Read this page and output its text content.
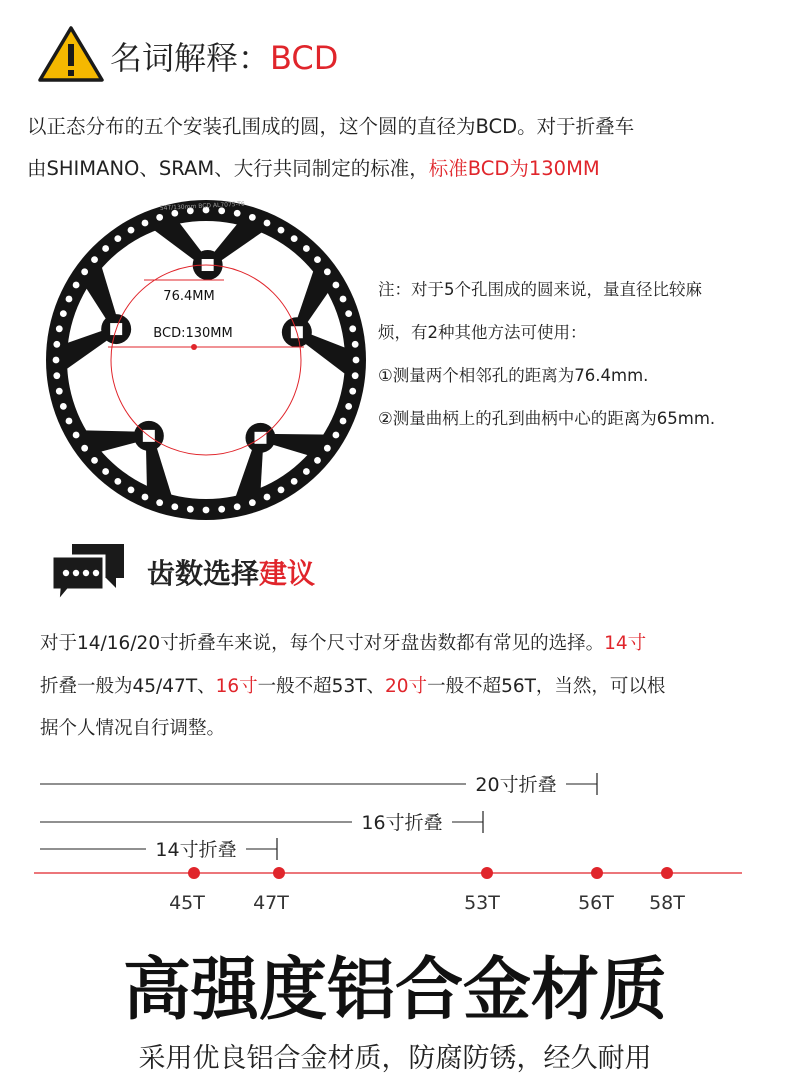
名词解释：BCD
以正态分布的五个安装孔围成的圆，这个圆的直径为BCD。对于折叠车
由SHIMANO、SRAM、大行共同制定的标准，标准BCD为130MM
76.4MM
BCD:130MM
54T/130mm BCD AL7075-T6
注：对于5个孔围成的圆来说，量直径比较麻
烦，有2种其他方法可使用：
①测量两个相邻孔的距离为76.4mm.
②测量曲柄上的孔到曲柄中心的距离为65mm.
齿数选择建议
对于14/16/20寸折叠车来说，每个尺寸对牙盘齿数都有常见的选择。14寸
折叠一般为45/47T、16寸一般不超53T、20寸一般不超56T，当然，可以根
据个人情况自行调整。
20寸折叠
16寸折叠
14寸折叠
45T	47T	53T	56T	58T
高强度铝合金材质
采用优良铝合金材质，防腐防锈，经久耐用
